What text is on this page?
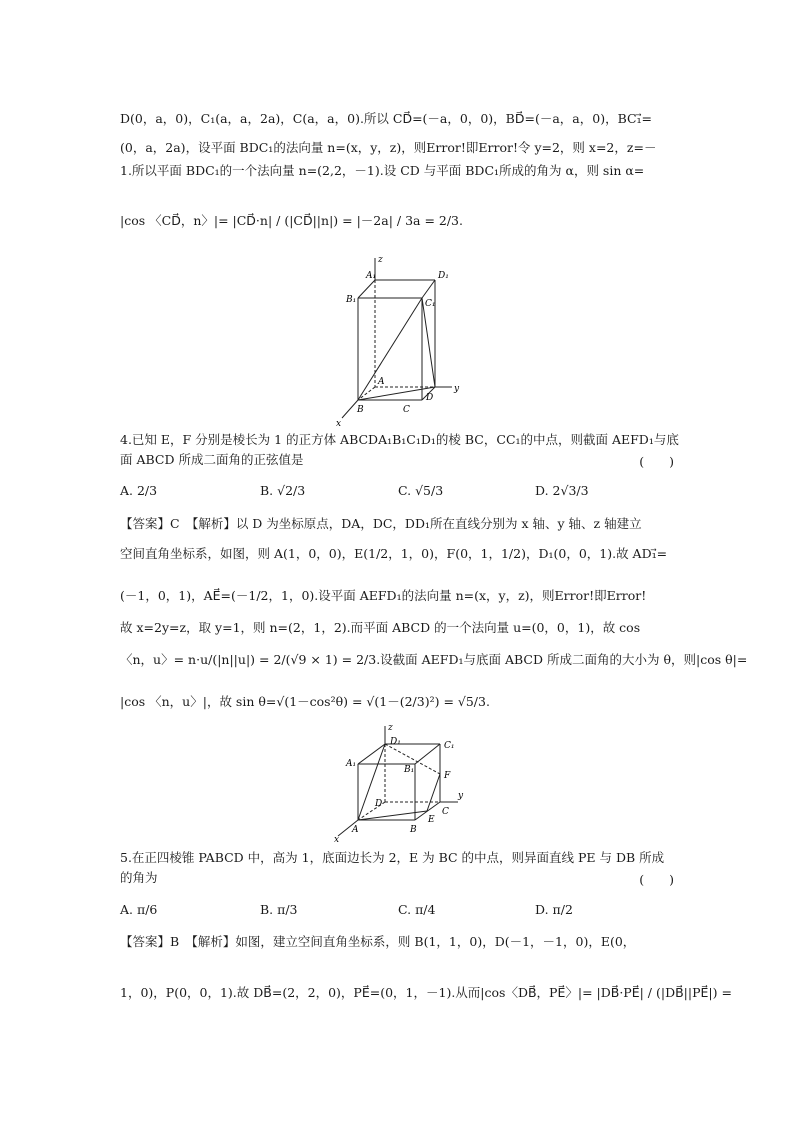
D(0，a，0)，C₁(a，a，2a)，C(a，a，0).所以 CD⃗=(－a，0，0)，BD⃗=(－a，a，0)，BC₁⃗=
(0，a，2a)，设平面 BDC₁的法向量 n=(x，y，z)，则Error!即Error!令 y=2，则 x=2，z=－
1.所以平面 BDC₁的一个法向量 n=(2,2，－1).设 CD 与平面 BDC₁所成的角为 α，则 sin α=
|cos 〈CD⃗，n〉|= |CD⃗·n| / (|CD⃗||n|) = |－2a| / 3a = 2/3.
A₁
z
D₁
B₁	C₁
A
B	C
D
x
y
4.已知 E，F 分别是棱长为 1 的正方体 ABCDA₁B₁C₁D₁的棱 BC，CC₁的中点，则截面 AEFD₁与底
面 ABCD 所成二面角的正弦值是	(　　)
A. 2/3	B. √2/3	C. √5/3	D. 2√3/3
【答案】C　【解析】以 D 为坐标原点，DA，DC，DD₁所在直线分别为 x 轴、y 轴、z 轴建立
空间直角坐标系，如图，则 A(1，0，0)，E(1/2，1，0)，F(0，1，1/2)，D₁(0，0，1).故 AD₁⃗=
(－1，0，1)，AE⃗=(－1/2，1，0).设平面 AEFD₁的法向量 n=(x，y，z)，则Error!即Error!
故 x=2y=z，取 y=1，则 n=(2，1，2).而平面 ABCD 的一个法向量 u=(0，0，1)，故 cos
〈n，u〉= n·u/(|n||u|) = 2/(√9 × 1) = 2/3.设截面 AEFD₁与底面 ABCD 所成二面角的大小为 θ，则|cos θ|=
|cos 〈n，u〉|，故 sin θ=√(1－cos²θ) = √(1－(2/3)²) = √5/3.
z
D₁	C₁
A₁
B₁
F
D
y
A	B
E
C
x
5.在正四棱锥 PABCD 中，高为 1，底面边长为 2，E 为 BC 的中点，则异面直线 PE 与 DB 所成
的角为	(　　)
A. π/6	B. π/3	C. π/4	D. π/2
【答案】B　【解析】如图，建立空间直角坐标系，则 B(1，1，0)，D(－1，－1，0)，E(0，
1，0)，P(0，0，1).故 DB⃗=(2，2，0)，PE⃗=(0，1，－1).从而|cos〈DB⃗，PE⃗〉|= |DB⃗·PE⃗| / (|DB⃗||PE⃗|) =
